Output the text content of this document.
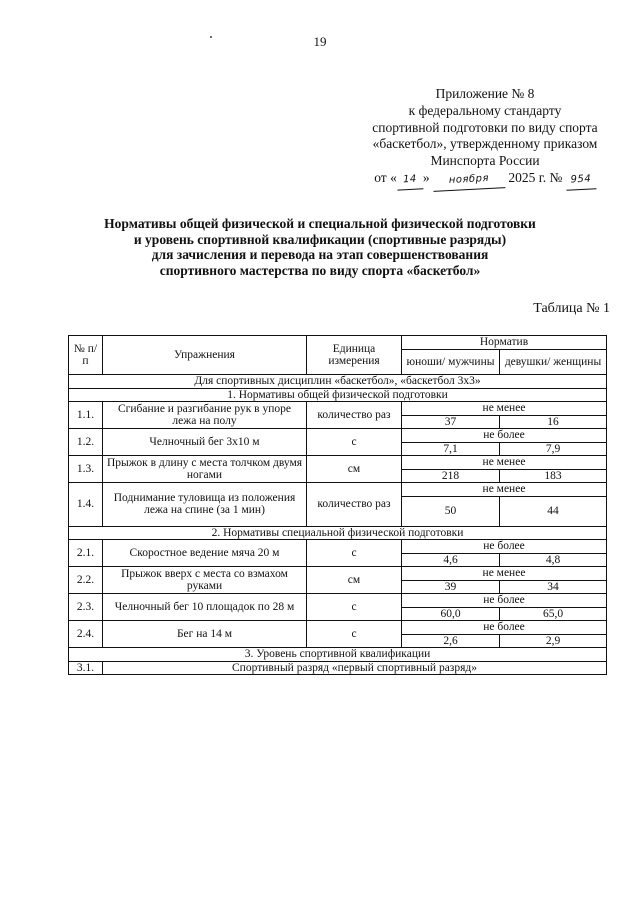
19
Приложение № 8
к федеральному стандарту
спортивной подготовки по виду спорта
«баскетбол», утвержденному приказом
Минспорта России
от « 14 » ноября 2025 г. № 954
Нормативы общей физической и специальной физической подготовки
и уровень спортивной квалификации (спортивные разряды)
для зачисления и перевода на этап совершенствования
спортивного мастерства по виду спорта «баскетбол»
Таблица № 1
№ п/п	Упражнения	Единица измерения	Норматив	
			юноши/ мужчины	девушки/ женщины
Для спортивных дисциплин «баскетбол», «баскетбол 3x3»				
1. Нормативы общей физической подготовки				
1.1.	Сгибание и разгибание рук в упоре лежа на полу	количество раз	не менее	
			37	16
1.2.	Челночный бег 3x10 м	с	не более	
			7,1	7,9
1.3.	Прыжок в длину с места толчком двумя ногами	см	не менее	
			218	183
1.4.	Поднимание туловища из положения лежа на спине (за 1 мин)	количество раз	не менее	
			50	44
2. Нормативы специальной физической подготовки				
2.1.	Скоростное ведение мяча 20 м	с	не более	
			4,6	4,8
2.2.	Прыжок вверх с места со взмахом руками	см	не менее	
			39	34
2.3.	Челночный бег 10 площадок по 28 м	с	не более	
			60,0	65,0
2.4.	Бег на 14 м	с	не более	
			2,6	2,9
3. Уровень спортивной квалификации				
3.1.	Спортивный разряд «первый спортивный разряд»			
